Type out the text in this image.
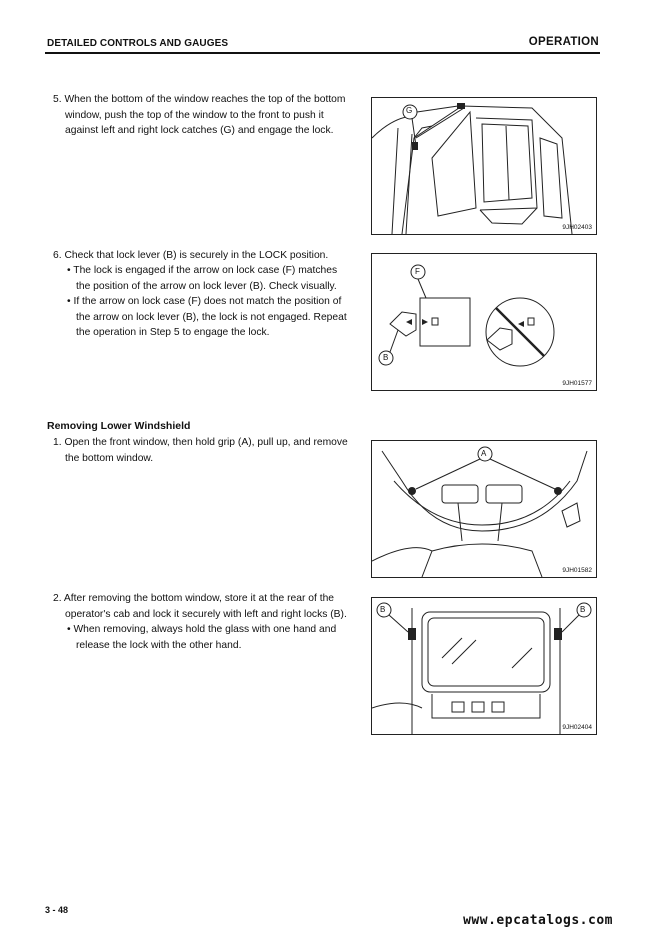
DETAILED CONTROLS AND GAUGES	OPERATION
5. When the bottom of the window reaches the top of the bottom
window, push the top of the window to the front to push it
against left and right lock catches (G) and engage the lock.
G
9JH02403
6. Check that lock lever (B) is securely in the LOCK position.
• The lock is engaged if the arrow on lock case (F) matches
the position of the arrow on lock lever (B). Check visually.
• If the arrow on lock case (F) does not match the position of
the arrow on lock lever (B), the lock is not engaged. Repeat
the operation in Step 5 to engage the lock.
F
B
9JH01577
Removing Lower Windshield
1. Open the front window, then hold grip (A), pull up, and remove
the bottom window.	A
9JH01582
2. After removing the bottom window, store it at the rear of the
operator's cab and lock it securely with left and right locks (B).
• When removing, always hold the glass with one hand and
release the lock with the other hand.
B	B
9JH02404
3 - 48
www.epcatalogs.com
